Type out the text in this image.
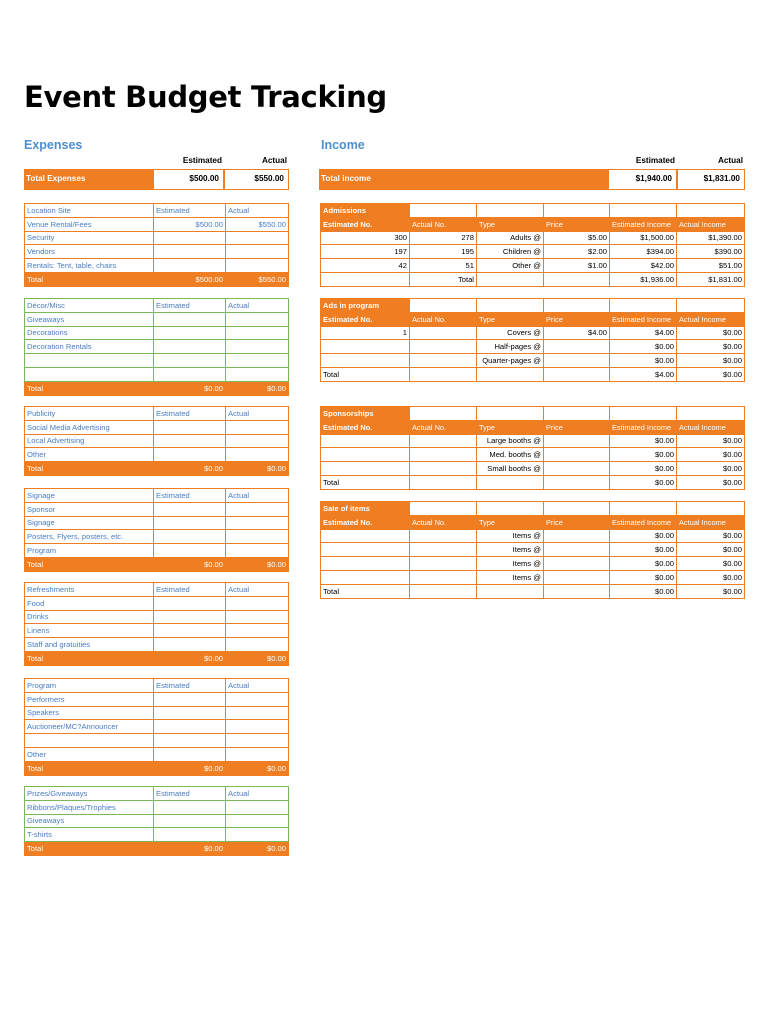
Event Budget Tracking
Expenses	Income
Estimated	Actual
Total Expenses	$500.00	$550.00
Estimated	Actual
Total income	$1,940.00	$1,831.00
Location Site	Estimated	Actual
Venue Rental/Fees	$500.00	$550.00
Security		
Vendors		
Rentals: Tent, table, chairs		
Total	$500.00	$550.00
Décor/Misc	Estimated	Actual
Giveaways		
Decorations		
Decoration Rentals		

Total	$0.00	$0.00
Publicity	Estimated	Actual
Social Media Advertising		
Local Advertising		
Other		
Total	$0.00	$0.00
Signage	Estimated	Actual
Sponsor		
Signage		
Posters, Flyers, posters, etc.		
Program		
Total	$0.00	$0.00
Refreshments	Estimated	Actual
Food		
Drinks		
Linens		
Staff and gratuities		
Total	$0.00	$0.00
Program	Estimated	Actual
Performers		
Speakers		
Auctioneer/MC?Announcer		

Other		
Total	$0.00	$0.00
Prizes/Giveaways	Estimated	Actual
Ribbons/Plaques/Trophies		
Giveaways		
T-shirts		
Total	$0.00	$0.00
Admissions					
Estimated No.	Actual No.	Type	Price	Estimated Income	Actual Income
300	278	Adults @	$5.00	$1,500.00	$1,390.00
197	195	Children @	$2.00	$394.00	$390.00
42	51	Other @	$1.00	$42.00	$51.00
	Total			$1,936.00	$1,831.00
Ads in program					
Estimated No.	Actual No.	Type	Price	Estimated Income	Actual Income
1		Covers @	$4.00	$4.00	$0.00
		Half-pages @		$0.00	$0.00
		Quarter-pages @		$0.00	$0.00
Total				$4.00	$0.00
Sponsorships					
Estimated No.	Actual No.	Type	Price	Estimated Income	Actual Income
		Large booths @		$0.00	$0.00
		Med. booths @		$0.00	$0.00
		Small booths @		$0.00	$0.00
Total				$0.00	$0.00
Sale of items					
Estimated No.	Actual No.	Type	Price	Estimated Income	Actual Income
		Items @		$0.00	$0.00
		Items @		$0.00	$0.00
		Items @		$0.00	$0.00
		Items @		$0.00	$0.00
Total				$0.00	$0.00
